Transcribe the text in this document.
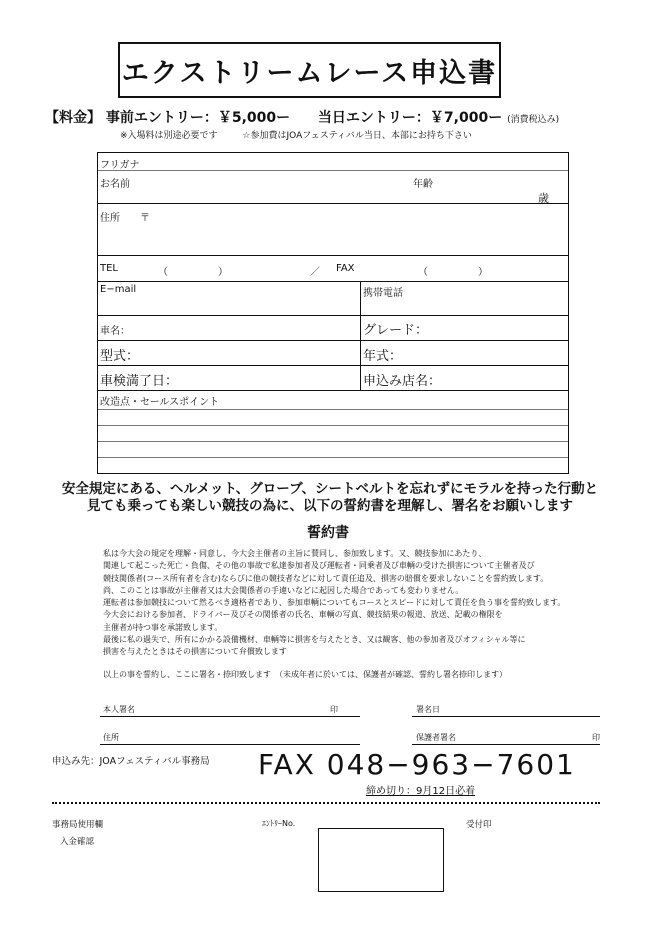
エクストリームレース申込書
【料金】 事前エントリー：￥5,000ー 当日エントリー：￥7,000ー (消費税込み)
※入場料は別途必要です	☆参加費はJOAフェスティバル当日、本部にお持ち下さい
フリガナ
お名前	年齢
歳
住所 〒
TEL	（　　　　　）	／ FAX	（　　　　　）
E−mail	携帯電話
車名：	グレード：
型式：	年式：
車検満了日：	申込み店名：
改造点・セールスポイント
安全規定にある、ヘルメット、グローブ、シートベルトを忘れずにモラルを持った行動と
見ても乗っても楽しい競技の為に、以下の誓約書を理解し、署名をお願いします
誓約書

私は今大会の規定を理解・同意し、今大会主催者の主旨に賛同し、参加致します。又、競技参加にあたり、

関連して起こった死亡・負傷、その他の事故で私達参加者及び運転者・同乗者及び車輌の受けた損害について主催者及び

競技関係者(コース所有者を含む)ならびに他の競技者などに対して責任追及、損害の賠償を要求しないことを誓約致します。

尚、このことは事故が主催者又は大会関係者の手違いなどに起因した場合であっても変わりません。

運転者は参加競技について然るべき適格者であり、参加車輌についてもコースとスピードに対して責任を負う事を誓約致します。

今大会における参加者、ドライバー及びその関係者の氏名、車輌の写真、競技結果の報道、放送、記載の権限を

主催者が持つ事を承諾致します。

最後に私の過失で、所有にかかる設備機材、車輌等に損害を与えたとき、又は観客、他の参加者及びオフィシャル等に

損害を与えたときはその損害について弁償致します

以上の事を誓約し、ここに署名・捺印致します　（未成年者に於いては、保護者が確認、誓約し署名捺印します）

本人署名	印	署名日
住所	保護者署名	印
申込み先：JOAフェスティバル事務局 FAX 048−963−7601
締め切り：9月12日必着
事務局使用欄
入金確認
ｴﾝﾄﾘｰNo.	受付印
